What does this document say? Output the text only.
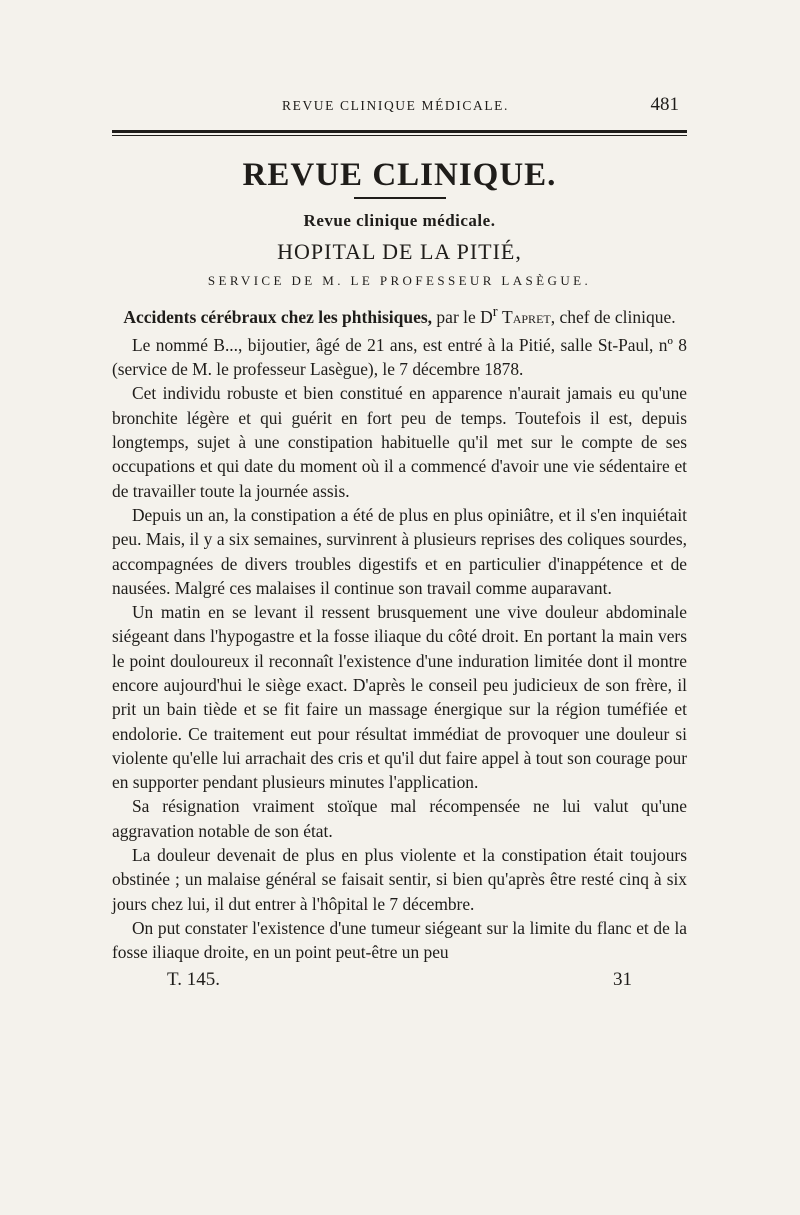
REVUE CLINIQUE MÉDICALE.	481
REVUE CLINIQUE.
Revue clinique médicale.
HOPITAL DE LA PITIÉ,
SERVICE DE M. LE PROFESSEUR LASÈGUE.
Accidents cérébraux chez les phthisiques, par le $D^r$ Tapret, chef de clinique.

Le nommé B..., bijoutier, âgé de 21 ans, est entré à la Pitié, salle St-Paul, nº 8 (service de M. le professeur Lasègue), le 7 décembre 1878.

Cet individu robuste et bien constitué en apparence n'aurait jamais eu qu'une bronchite légère et qui guérit en fort peu de temps. Toutefois il est, depuis longtemps, sujet à une constipation habituelle qu'il met sur le compte de ses occupations et qui date du moment où il a commencé d'avoir une vie sédentaire et de travailler toute la journée assis.

Depuis un an, la constipation a été de plus en plus opiniâtre, et il s'en inquiétait peu. Mais, il y a six semaines, survinrent à plusieurs reprises des coliques sourdes, accompagnées de divers troubles digestifs et en particulier d'inappétence et de nausées. Malgré ces malaises il continue son travail comme auparavant.

Un matin en se levant il ressent brusquement une vive douleur abdominale siégeant dans l'hypogastre et la fosse iliaque du côté droit. En portant la main vers le point douloureux il reconnaît l'existence d'une induration limitée dont il montre encore aujourd'hui le siège exact. D'après le conseil peu judicieux de son frère, il prit un bain tiède et se fit faire un massage énergique sur la région tuméfiée et endolorie. Ce traitement eut pour résultat immédiat de provoquer une douleur si violente qu'elle lui arrachait des cris et qu'il dut faire appel à tout son courage pour en supporter pendant plusieurs minutes l'application.

Sa résignation vraiment stoïque mal récompensée ne lui valut qu'une aggravation notable de son état.

La douleur devenait de plus en plus violente et la constipation était toujours obstinée ; un malaise général se faisait sentir, si bien qu'après être resté cinq à six jours chez lui, il dut entrer à l'hôpital le 7 décembre.

On put constater l'existence d'une tumeur siégeant sur la limite du flanc et de la fosse iliaque droite, en un point peut-être un peu

T. 145.	31
